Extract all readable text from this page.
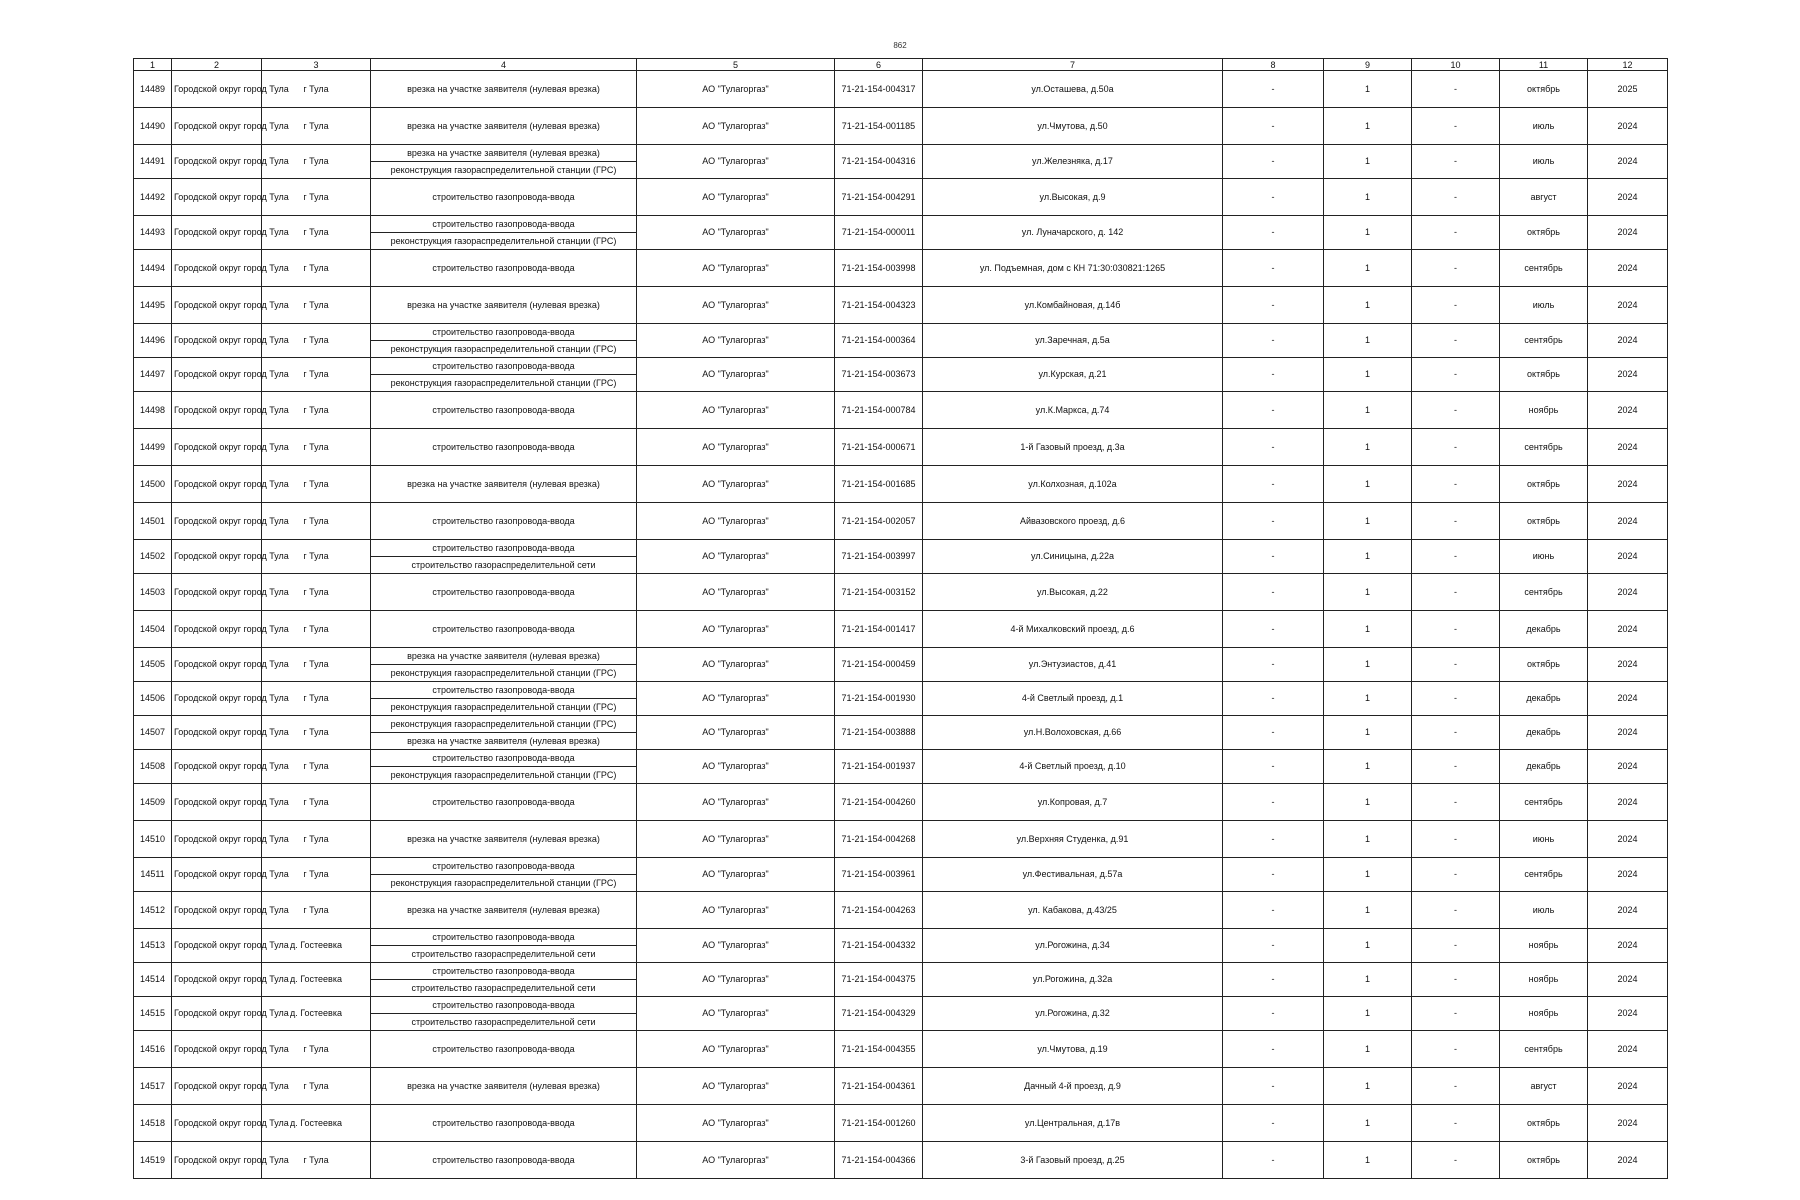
862
1	2	3	4	5	6	7	8	9	10	11	12
14489	Городской округ город Тула	г Тула	врезка на участке заявителя (нулевая врезка)	АО "Тулагоргаз"	71-21-154-004317	ул.Осташева, д.50а	-	1	-	октябрь	2025
14490	Городской округ город Тула	г Тула	врезка на участке заявителя (нулевая врезка)	АО "Тулагоргаз"	71-21-154-001185	ул.Чмутова, д.50	-	1	-	июль	2024
14491	Городской округ город Тула	г Тула	врезка на участке заявителя (нулевая врезка)	АО "Тулагоргаз"	71-21-154-004316	ул.Железняка, д.17	-	1	-	июль	2024
			реконструкция газораспределительной станции (ГРС)								
14492	Городской округ город Тула	г Тула	строительство газопровода-ввода	АО "Тулагоргаз"	71-21-154-004291	ул.Высокая, д.9	-	1	-	август	2024
14493	Городской округ город Тула	г Тула	строительство газопровода-ввода	АО "Тулагоргаз"	71-21-154-000011	ул. Луначарского, д. 142	-	1	-	октябрь	2024
			реконструкция газораспределительной станции (ГРС)								
14494	Городской округ город Тула	г Тула	строительство газопровода-ввода	АО "Тулагоргаз"	71-21-154-003998	ул. Подъемная, дом с КН 71:30:030821:1265	-	1	-	сентябрь	2024
14495	Городской округ город Тула	г Тула	врезка на участке заявителя (нулевая врезка)	АО "Тулагоргаз"	71-21-154-004323	ул.Комбайновая, д.14б	-	1	-	июль	2024
14496	Городской округ город Тула	г Тула	строительство газопровода-ввода	АО "Тулагоргаз"	71-21-154-000364	ул.Заречная, д.5а	-	1	-	сентябрь	2024
			реконструкция газораспределительной станции (ГРС)								
14497	Городской округ город Тула	г Тула	строительство газопровода-ввода	АО "Тулагоргаз"	71-21-154-003673	ул.Курская, д.21	-	1	-	октябрь	2024
			реконструкция газораспределительной станции (ГРС)								
14498	Городской округ город Тула	г Тула	строительство газопровода-ввода	АО "Тулагоргаз"	71-21-154-000784	ул.К.Маркса, д.74	-	1	-	ноябрь	2024
14499	Городской округ город Тула	г Тула	строительство газопровода-ввода	АО "Тулагоргаз"	71-21-154-000671	1-й Газовый проезд, д.3а	-	1	-	сентябрь	2024
14500	Городской округ город Тула	г Тула	врезка на участке заявителя (нулевая врезка)	АО "Тулагоргаз"	71-21-154-001685	ул.Колхозная, д.102а	-	1	-	октябрь	2024
14501	Городской округ город Тула	г Тула	строительство газопровода-ввода	АО "Тулагоргаз"	71-21-154-002057	Айвазовского проезд, д.6	-	1	-	октябрь	2024
14502	Городской округ город Тула	г Тула	строительство газопровода-ввода	АО "Тулагоргаз"	71-21-154-003997	ул.Синицына, д.22а	-	1	-	июнь	2024
			строительство газораспределительной сети								
14503	Городской округ город Тула	г Тула	строительство газопровода-ввода	АО "Тулагоргаз"	71-21-154-003152	ул.Высокая, д.22	-	1	-	сентябрь	2024
14504	Городской округ город Тула	г Тула	строительство газопровода-ввода	АО "Тулагоргаз"	71-21-154-001417	4-й Михалковский проезд, д.6	-	1	-	декабрь	2024
14505	Городской округ город Тула	г Тула	врезка на участке заявителя (нулевая врезка)	АО "Тулагоргаз"	71-21-154-000459	ул.Энтузиастов, д.41	-	1	-	октябрь	2024
			реконструкция газораспределительной станции (ГРС)								
14506	Городской округ город Тула	г Тула	строительство газопровода-ввода	АО "Тулагоргаз"	71-21-154-001930	4-й Светлый проезд, д.1	-	1	-	декабрь	2024
			реконструкция газораспределительной станции (ГРС)								
14507	Городской округ город Тула	г Тула	реконструкция газораспределительной станции (ГРС)	АО "Тулагоргаз"	71-21-154-003888	ул.Н.Волоховская, д.66	-	1	-	декабрь	2024
			врезка на участке заявителя (нулевая врезка)								
14508	Городской округ город Тула	г Тула	строительство газопровода-ввода	АО "Тулагоргаз"	71-21-154-001937	4-й Светлый проезд, д.10	-	1	-	декабрь	2024
			реконструкция газораспределительной станции (ГРС)								
14509	Городской округ город Тула	г Тула	строительство газопровода-ввода	АО "Тулагоргаз"	71-21-154-004260	ул.Копровая, д.7	-	1	-	сентябрь	2024
14510	Городской округ город Тула	г Тула	врезка на участке заявителя (нулевая врезка)	АО "Тулагоргаз"	71-21-154-004268	ул.Верхняя Студенка, д.91	-	1	-	июнь	2024
14511	Городской округ город Тула	г Тула	строительство газопровода-ввода	АО "Тулагоргаз"	71-21-154-003961	ул.Фестивальная, д.57а	-	1	-	сентябрь	2024
			реконструкция газораспределительной станции (ГРС)								
14512	Городской округ город Тула	г Тула	врезка на участке заявителя (нулевая врезка)	АО "Тулагоргаз"	71-21-154-004263	ул. Кабакова, д.43/25	-	1	-	июль	2024
14513	Городской округ город Тула	д. Гостеевка	строительство газопровода-ввода	АО "Тулагоргаз"	71-21-154-004332	ул.Рогожина, д.34	-	1	-	ноябрь	2024
			строительство газораспределительной сети								
14514	Городской округ город Тула	д. Гостеевка	строительство газопровода-ввода	АО "Тулагоргаз"	71-21-154-004375	ул.Рогожина, д.32а	-	1	-	ноябрь	2024
			строительство газораспределительной сети								
14515	Городской округ город Тула	д. Гостеевка	строительство газопровода-ввода	АО "Тулагоргаз"	71-21-154-004329	ул.Рогожина, д.32	-	1	-	ноябрь	2024
			строительство газораспределительной сети								
14516	Городской округ город Тула	г Тула	строительство газопровода-ввода	АО "Тулагоргаз"	71-21-154-004355	ул.Чмутова, д.19	-	1	-	сентябрь	2024
14517	Городской округ город Тула	г Тула	врезка на участке заявителя (нулевая врезка)	АО "Тулагоргаз"	71-21-154-004361	Дачный 4-й проезд, д.9	-	1	-	август	2024
14518	Городской округ город Тула	д. Гостеевка	строительство газопровода-ввода	АО "Тулагоргаз"	71-21-154-001260	ул.Центральная, д.17в	-	1	-	октябрь	2024
14519	Городской округ город Тула	г Тула	строительство газопровода-ввода	АО "Тулагоргаз"	71-21-154-004366	3-й Газовый проезд, д.25	-	1	-	октябрь	2024
